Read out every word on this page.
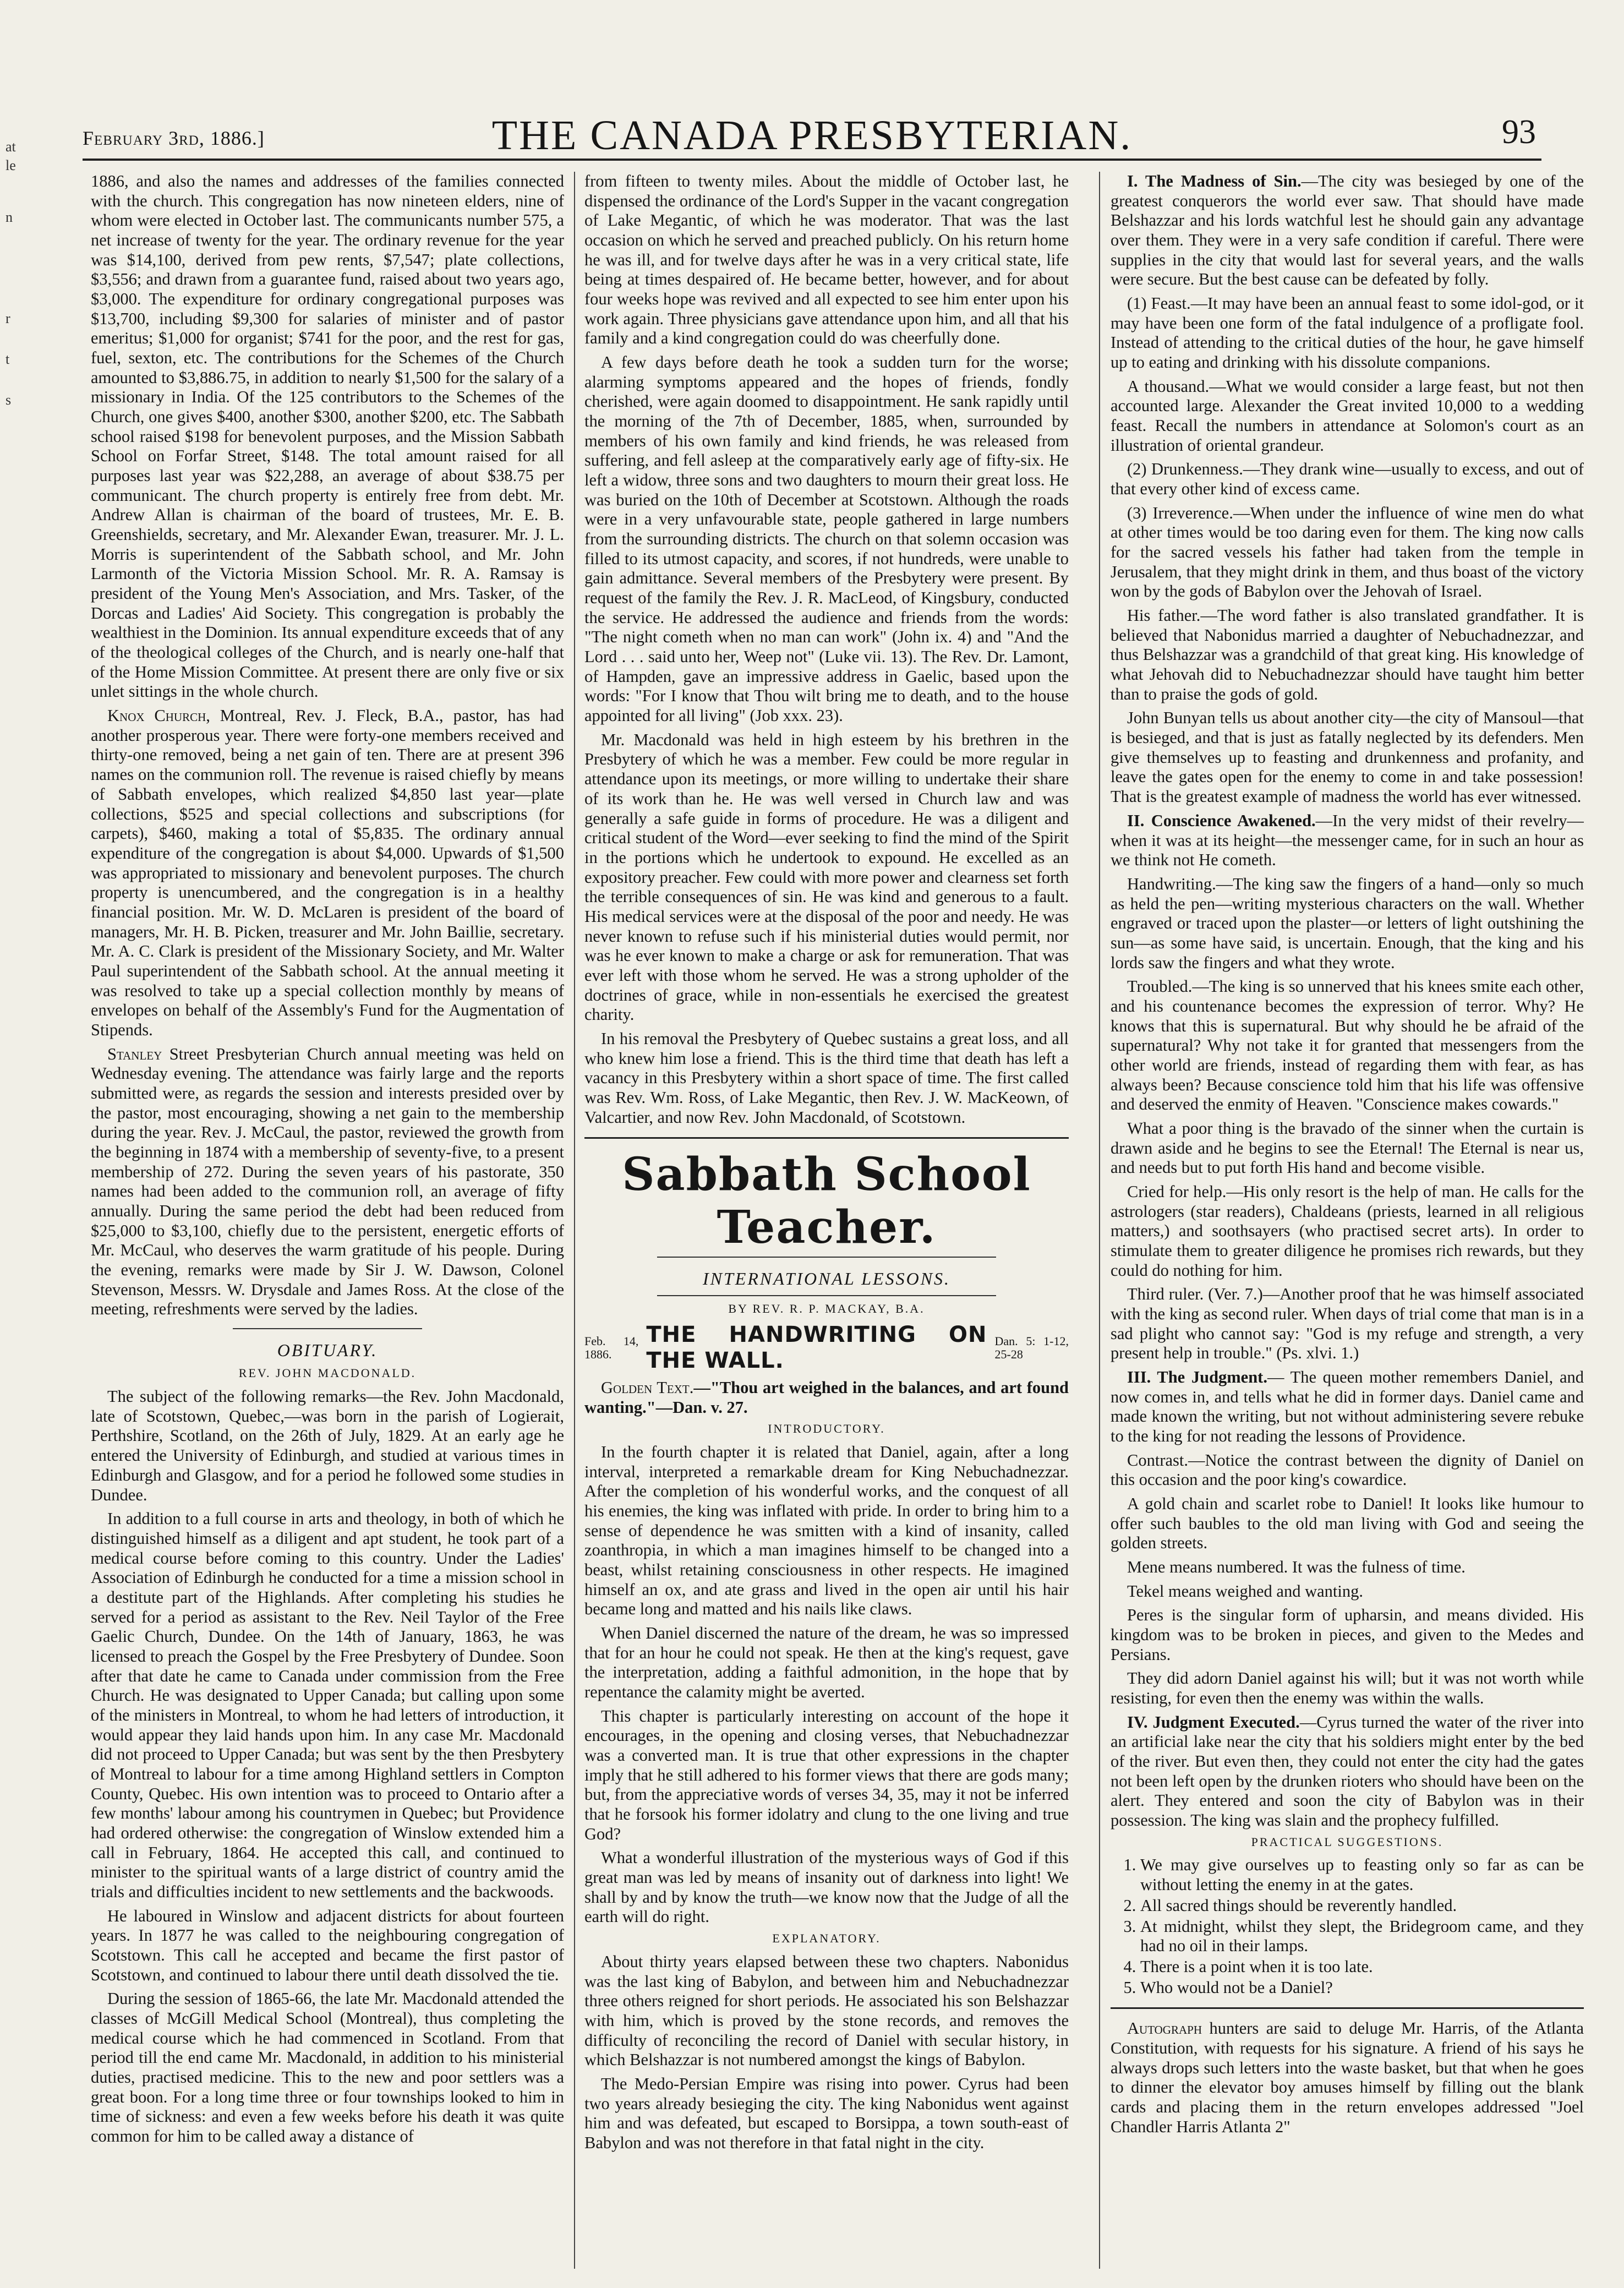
at
le
n
r
t
s
February 3rd, 1886.]	THE CANADA PRESBYTERIAN.	93

1886, and also the names and addresses of the families connected with the church. This congregation has now nineteen elders, nine of whom were elected in October last. The communicants number 575, a net increase of twenty for the year. The ordinary revenue for the year was $14,100, derived from pew rents, $7,547; plate collections, $3,556; and drawn from a guarantee fund, raised about two years ago, $3,000. The expenditure for ordinary congregational purposes was $13,700, including $9,300 for salaries of minister and of pastor emeritus; $1,000 for organist; $741 for the poor, and the rest for gas, fuel, sexton, etc. The contributions for the Schemes of the Church amounted to $3,886.75, in addition to nearly $1,500 for the salary of a missionary in India. Of the 125 contributors to the Schemes of the Church, one gives $400, another $300, another $200, etc. The Sabbath school raised $198 for benevolent purposes, and the Mission Sabbath School on Forfar Street, $148. The total amount raised for all purposes last year was $22,288, an average of about $38.75 per communicant. The church property is entirely free from debt. Mr. Andrew Allan is chairman of the board of trustees, Mr. E. B. Greenshields, secretary, and Mr. Alexander Ewan, treasurer. Mr. J. L. Morris is superintendent of the Sabbath school, and Mr. John Larmonth of the Victoria Mission School. Mr. R. A. Ramsay is president of the Young Men's Association, and Mrs. Tasker, of the Dorcas and Ladies' Aid Society. This congregation is probably the wealthiest in the Dominion. Its annual expenditure exceeds that of any of the theological colleges of the Church, and is nearly one-half that of the Home Mission Committee. At present there are only five or six unlet sittings in the whole church.

Knox Church, Montreal, Rev. J. Fleck, B.A., pastor, has had another prosperous year. There were forty-one members received and thirty-one removed, being a net gain of ten. There are at present 396 names on the communion roll. The revenue is raised chiefly by means of Sabbath envelopes, which realized $4,850 last year—plate collections, $525 and special collections and subscriptions (for carpets), $460, making a total of $5,835. The ordinary annual expenditure of the congregation is about $4,000. Upwards of $1,500 was appropriated to missionary and benevolent purposes. The church property is unencumbered, and the congregation is in a healthy financial position. Mr. W. D. McLaren is president of the board of managers, Mr. H. B. Picken, treasurer and Mr. John Baillie, secretary. Mr. A. C. Clark is president of the Missionary Society, and Mr. Walter Paul superintendent of the Sabbath school. At the annual meeting it was resolved to take up a special collection monthly by means of envelopes on behalf of the Assembly's Fund for the Augmentation of Stipends.

Stanley Street Presbyterian Church annual meeting was held on Wednesday evening. The attendance was fairly large and the reports submitted were, as regards the session and interests presided over by the pastor, most encouraging, showing a net gain to the membership during the year. Rev. J. McCaul, the pastor, reviewed the growth from the beginning in 1874 with a membership of seventy-five, to a present membership of 272. During the seven years of his pastorate, 350 names had been added to the communion roll, an average of fifty annually. During the same period the debt had been reduced from $25,000 to $3,100, chiefly due to the persistent, energetic efforts of Mr. McCaul, who deserves the warm gratitude of his people. During the evening, remarks were made by Sir J. W. Dawson, Colonel Stevenson, Messrs. W. Drysdale and James Ross. At the close of the meeting, refreshments were served by the ladies.

OBITUARY.
REV. JOHN MACDONALD.

The subject of the following remarks—the Rev. John Macdonald, late of Scotstown, Quebec,—was born in the parish of Logierait, Perthshire, Scotland, on the 26th of July, 1829. At an early age he entered the University of Edinburgh, and studied at various times in Edinburgh and Glasgow, and for a period he followed some studies in Dundee.

In addition to a full course in arts and theology, in both of which he distinguished himself as a diligent and apt student, he took part of a medical course before coming to this country. Under the Ladies' Association of Edinburgh he conducted for a time a mission school in a destitute part of the Highlands. After completing his studies he served for a period as assistant to the Rev. Neil Taylor of the Free Gaelic Church, Dundee. On the 14th of January, 1863, he was licensed to preach the Gospel by the Free Presbytery of Dundee. Soon after that date he came to Canada under commission from the Free Church. He was designated to Upper Canada; but calling upon some of the ministers in Montreal, to whom he had letters of introduction, it would appear they laid hands upon him. In any case Mr. Macdonald did not proceed to Upper Canada; but was sent by the then Presbytery of Montreal to labour for a time among Highland settlers in Compton County, Quebec. His own intention was to proceed to Ontario after a few months' labour among his countrymen in Quebec; but Providence had ordered otherwise: the congregation of Winslow extended him a call in February, 1864. He accepted this call, and continued to minister to the spiritual wants of a large district of country amid the trials and difficulties incident to new settlements and the backwoods.

He laboured in Winslow and adjacent districts for about fourteen years. In 1877 he was called to the neighbouring congregation of Scotstown. This call he accepted and became the first pastor of Scotstown, and continued to labour there until death dissolved the tie.

During the session of 1865-66, the late Mr. Macdonald attended the classes of McGill Medical School (Montreal), thus completing the medical course which he had commenced in Scotland. From that period till the end came Mr. Macdonald, in addition to his ministerial duties, practised medicine. This to the new and poor settlers was a great boon. For a long time three or four townships looked to him in time of sickness: and even a few weeks before his death it was quite common for him to be called away a distance of

from fifteen to twenty miles. About the middle of October last, he dispensed the ordinance of the Lord's Supper in the vacant congregation of Lake Megantic, of which he was moderator. That was the last occasion on which he served and preached publicly. On his return home he was ill, and for twelve days after he was in a very critical state, life being at times despaired of. He became better, however, and for about four weeks hope was revived and all expected to see him enter upon his work again. Three physicians gave attendance upon him, and all that his family and a kind congregation could do was cheerfully done.

A few days before death he took a sudden turn for the worse; alarming symptoms appeared and the hopes of friends, fondly cherished, were again doomed to disappointment. He sank rapidly until the morning of the 7th of December, 1885, when, surrounded by members of his own family and kind friends, he was released from suffering, and fell asleep at the comparatively early age of fifty-six. He left a widow, three sons and two daughters to mourn their great loss. He was buried on the 10th of December at Scotstown. Although the roads were in a very unfavourable state, people gathered in large numbers from the surrounding districts. The church on that solemn occasion was filled to its utmost capacity, and scores, if not hundreds, were unable to gain admittance. Several members of the Presbytery were present. By request of the family the Rev. J. R. MacLeod, of Kingsbury, conducted the service. He addressed the audience and friends from the words: "The night cometh when no man can work" (John ix. 4) and "And the Lord . . . said unto her, Weep not" (Luke vii. 13). The Rev. Dr. Lamont, of Hampden, gave an impressive address in Gaelic, based upon the words: "For I know that Thou wilt bring me to death, and to the house appointed for all living" (Job xxx. 23).

Mr. Macdonald was held in high esteem by his brethren in the Presbytery of which he was a member. Few could be more regular in attendance upon its meetings, or more willing to undertake their share of its work than he. He was well versed in Church law and was generally a safe guide in forms of procedure. He was a diligent and critical student of the Word—ever seeking to find the mind of the Spirit in the portions which he undertook to expound. He excelled as an expository preacher. Few could with more power and clearness set forth the terrible consequences of sin. He was kind and generous to a fault. His medical services were at the disposal of the poor and needy. He was never known to refuse such if his ministerial duties would permit, nor was he ever known to make a charge or ask for remuneration. That was ever left with those whom he served. He was a strong upholder of the doctrines of grace, while in non-essentials he exercised the greatest charity.

In his removal the Presbytery of Quebec sustains a great loss, and all who knew him lose a friend. This is the third time that death has left a vacancy in this Presbytery within a short space of time. The first called was Rev. Wm. Ross, of Lake Megantic, then Rev. J. W. MacKeown, of Valcartier, and now Rev. John Macdonald, of Scotstown.

Sabbath School Teacher.
INTERNATIONAL LESSONS.
BY REV. R. P. MACKAY, B.A.
Feb. 14, 1886.
THE HANDWRITING ON THE WALL.
Dan. 5: 1-12, 25-28

Golden Text.—"Thou art weighed in the balances, and art found wanting."—Dan. v. 27.

INTRODUCTORY.

In the fourth chapter it is related that Daniel, again, after a long interval, interpreted a remarkable dream for King Nebuchadnezzar. After the completion of his wonderful works, and the conquest of all his enemies, the king was inflated with pride. In order to bring him to a sense of dependence he was smitten with a kind of insanity, called zoanthropia, in which a man imagines himself to be changed into a beast, whilst retaining consciousness in other respects. He imagined himself an ox, and ate grass and lived in the open air until his hair became long and matted and his nails like claws.

When Daniel discerned the nature of the dream, he was so impressed that for an hour he could not speak. He then at the king's request, gave the interpretation, adding a faithful admonition, in the hope that by repentance the calamity might be averted.

This chapter is particularly interesting on account of the hope it encourages, in the opening and closing verses, that Nebuchadnezzar was a converted man. It is true that other expressions in the chapter imply that he still adhered to his former views that there are gods many; but, from the appreciative words of verses 34, 35, may it not be inferred that he forsook his former idolatry and clung to the one living and true God?

What a wonderful illustration of the mysterious ways of God if this great man was led by means of insanity out of darkness into light! We shall by and by know the truth—we know now that the Judge of all the earth will do right.

EXPLANATORY.

About thirty years elapsed between these two chapters. Nabonidus was the last king of Babylon, and between him and Nebuchadnezzar three others reigned for short periods. He associated his son Belshazzar with him, which is proved by the stone records, and removes the difficulty of reconciling the record of Daniel with secular history, in which Belshazzar is not numbered amongst the kings of Babylon.

The Medo-Persian Empire was rising into power. Cyrus had been two years already besieging the city. The king Nabonidus went against him and was defeated, but escaped to Borsippa, a town south-east of Babylon and was not therefore in that fatal night in the city.

I. The Madness of Sin.—The city was besieged by one of the greatest conquerors the world ever saw. That should have made Belshazzar and his lords watchful lest he should gain any advantage over them. They were in a very safe condition if careful. There were supplies in the city that would last for several years, and the walls were secure. But the best cause can be defeated by folly.

(1) Feast.—It may have been an annual feast to some idol-god, or it may have been one form of the fatal indulgence of a profligate fool. Instead of attending to the critical duties of the hour, he gave himself up to eating and drinking with his dissolute companions.

A thousand.—What we would consider a large feast, but not then accounted large. Alexander the Great invited 10,000 to a wedding feast. Recall the numbers in attendance at Solomon's court as an illustration of oriental grandeur.

(2) Drunkenness.—They drank wine—usually to excess, and out of that every other kind of excess came.

(3) Irreverence.—When under the influence of wine men do what at other times would be too daring even for them. The king now calls for the sacred vessels his father had taken from the temple in Jerusalem, that they might drink in them, and thus boast of the victory won by the gods of Babylon over the Jehovah of Israel.

His father.—The word father is also translated grandfather. It is believed that Nabonidus married a daughter of Nebuchadnezzar, and thus Belshazzar was a grandchild of that great king. His knowledge of what Jehovah did to Nebuchadnezzar should have taught him better than to praise the gods of gold.

John Bunyan tells us about another city—the city of Mansoul—that is besieged, and that is just as fatally neglected by its defenders. Men give themselves up to feasting and drunkenness and profanity, and leave the gates open for the enemy to come in and take possession! That is the greatest example of madness the world has ever witnessed.

II. Conscience Awakened.—In the very midst of their revelry—when it was at its height—the messenger came, for in such an hour as we think not He cometh.

Handwriting.—The king saw the fingers of a hand—only so much as held the pen—writing mysterious characters on the wall. Whether engraved or traced upon the plaster—or letters of light outshining the sun—as some have said, is uncertain. Enough, that the king and his lords saw the fingers and what they wrote.

Troubled.—The king is so unnerved that his knees smite each other, and his countenance becomes the expression of terror. Why? He knows that this is supernatural. But why should he be afraid of the supernatural? Why not take it for granted that messengers from the other world are friends, instead of regarding them with fear, as has always been? Because conscience told him that his life was offensive and deserved the enmity of Heaven. "Conscience makes cowards."

What a poor thing is the bravado of the sinner when the curtain is drawn aside and he begins to see the Eternal! The Eternal is near us, and needs but to put forth His hand and become visible.

Cried for help.—His only resort is the help of man. He calls for the astrologers (star readers), Chaldeans (priests, learned in all religious matters,) and soothsayers (who practised secret arts). In order to stimulate them to greater diligence he promises rich rewards, but they could do nothing for him.

Third ruler. (Ver. 7.)—Another proof that he was himself associated with the king as second ruler. When days of trial come that man is in a sad plight who cannot say: "God is my refuge and strength, a very present help in trouble." (Ps. xlvi. 1.)

III. The Judgment.— The queen mother remembers Daniel, and now comes in, and tells what he did in former days. Daniel came and made known the writing, but not without administering severe rebuke to the king for not reading the lessons of Providence.

Contrast.—Notice the contrast between the dignity of Daniel on this occasion and the poor king's cowardice.

A gold chain and scarlet robe to Daniel! It looks like humour to offer such baubles to the old man living with God and seeing the golden streets.

Mene means numbered. It was the fulness of time.

Tekel means weighed and wanting.

Peres is the singular form of upharsin, and means divided. His kingdom was to be broken in pieces, and given to the Medes and Persians.

They did adorn Daniel against his will; but it was not worth while resisting, for even then the enemy was within the walls.

IV. Judgment Executed.—Cyrus turned the water of the river into an artificial lake near the city that his soldiers might enter by the bed of the river. But even then, they could not enter the city had the gates not been left open by the drunken rioters who should have been on the alert. They entered and soon the city of Babylon was in their possession. The king was slain and the prophecy fulfilled.

PRACTICAL SUGGESTIONS.
1. We may give ourselves up to feasting only so far as can be without letting the enemy in at the gates.
2. All sacred things should be reverently handled.
3. At midnight, whilst they slept, the Bridegroom came, and they had no oil in their lamps.
4. There is a point when it is too late.
5. Who would not be a Daniel?

Autograph hunters are said to deluge Mr. Harris, of the Atlanta Constitution, with requests for his signature. A friend of his says he always drops such letters into the waste basket, but that when he goes to dinner the elevator boy amuses himself by filling out the blank cards and placing them in the return envelopes addressed "Joel Chandler Harris Atlanta 2"
